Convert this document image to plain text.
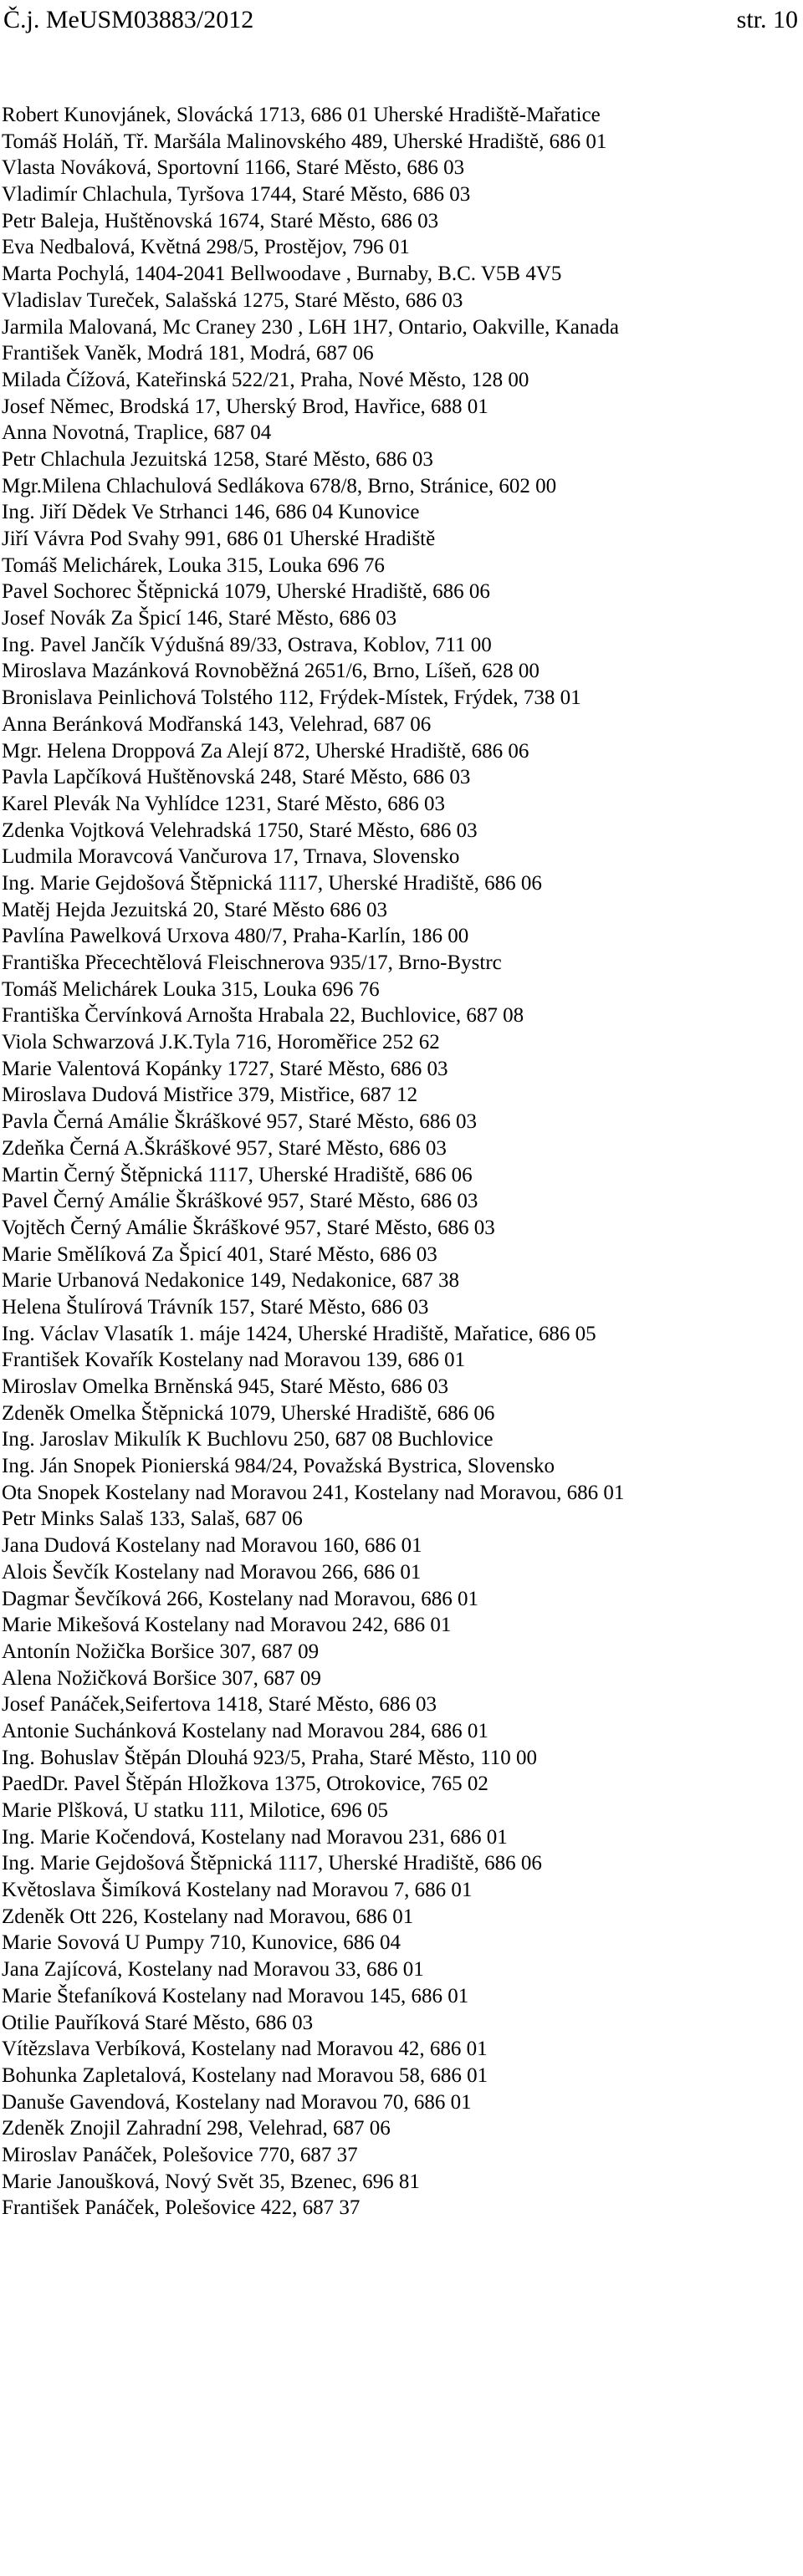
Č.j. MeUSM03883/2012	str. 10
Robert Kunovjánek, Slovácká 1713, 686 01 Uherské Hradiště-Mařatice
Tomáš Holáň, Tř. Maršála Malinovského 489, Uherské Hradiště, 686 01
Vlasta Nováková, Sportovní 1166, Staré Město, 686 03
Vladimír Chlachula, Tyršova 1744, Staré Město, 686 03
Petr Baleja, Huštěnovská 1674, Staré Město, 686 03
Eva Nedbalová, Květná 298/5, Prostějov, 796 01
Marta Pochylá, 1404-2041 Bellwoodave , Burnaby, B.C. V5B 4V5
Vladislav Tureček, Salašská 1275, Staré Město, 686 03
Jarmila Malovaná, Mc Craney 230 , L6H 1H7, Ontario, Oakville, Kanada
František Vaněk, Modrá 181, Modrá, 687 06
Milada Čížová, Kateřinská 522/21, Praha, Nové Město, 128 00
Josef Němec, Brodská 17, Uherský Brod, Havřice, 688 01
Anna Novotná, Traplice, 687 04
Petr Chlachula Jezuitská 1258, Staré Město, 686 03
Mgr.Milena Chlachulová Sedlákova 678/8, Brno, Stránice, 602 00
Ing. Jiří Dědek Ve Strhanci 146, 686 04 Kunovice
Jiří Vávra Pod Svahy 991, 686 01 Uherské Hradiště
Tomáš Melichárek, Louka 315, Louka 696 76
Pavel Sochorec Štěpnická 1079, Uherské Hradiště, 686 06
Josef Novák Za Špicí 146, Staré Město, 686 03
Ing. Pavel Jančík Výdušná 89/33, Ostrava, Koblov, 711 00
Miroslava Mazánková Rovnoběžná 2651/6, Brno, Líšeň, 628 00
Bronislava Peinlichová Tolstého 112, Frýdek-Místek, Frýdek, 738 01
Anna Beránková Modřanská 143, Velehrad, 687 06
Mgr. Helena Droppová Za Alejí 872, Uherské Hradiště, 686 06
Pavla Lapčíková Huštěnovská 248, Staré Město, 686 03
Karel Plevák Na Vyhlídce 1231, Staré Město, 686 03
Zdenka Vojtková Velehradská 1750, Staré Město, 686 03
Ludmila Moravcová Vančurova 17, Trnava, Slovensko
Ing. Marie Gejdošová Štěpnická 1117, Uherské Hradiště, 686 06
Matěj Hejda Jezuitská 20, Staré Město 686 03
Pavlína Pawelková Urxova 480/7, Praha-Karlín, 186 00
Františka Přecechtělová Fleischnerova 935/17, Brno-Bystrc
Tomáš Melichárek Louka 315, Louka 696 76
Františka Červínková Arnošta Hrabala 22, Buchlovice, 687 08
Viola Schwarzová J.K.Tyla 716, Horoměřice 252 62
Marie Valentová Kopánky 1727, Staré Město, 686 03
Miroslava Dudová Mistřice 379, Mistřice, 687 12
Pavla Černá Amálie Škráškové 957, Staré Město, 686 03
Zdeňka Černá A.Škráškové 957, Staré Město, 686 03
Martin Černý Štěpnická 1117, Uherské Hradiště, 686 06
Pavel Černý Amálie Škráškové 957, Staré Město, 686 03
Vojtěch Černý Amálie Škráškové 957, Staré Město, 686 03
Marie Smělíková Za Špicí 401, Staré Město, 686 03
Marie Urbanová Nedakonice 149, Nedakonice, 687 38
Helena Štulírová Trávník 157, Staré Město, 686 03
Ing. Václav Vlasatík 1. máje 1424, Uherské Hradiště, Mařatice, 686 05
František Kovařík Kostelany nad Moravou 139, 686 01
Miroslav Omelka Brněnská 945, Staré Město, 686 03
Zdeněk Omelka Štěpnická 1079, Uherské Hradiště, 686 06
Ing. Jaroslav Mikulík K Buchlovu 250, 687 08 Buchlovice
Ing. Ján Snopek Pionierská 984/24, Považská Bystrica, Slovensko
Ota Snopek Kostelany nad Moravou 241, Kostelany nad Moravou, 686 01
Petr Minks Salaš 133, Salaš, 687 06
Jana Dudová Kostelany nad Moravou 160, 686 01
Alois Ševčík Kostelany nad Moravou 266, 686 01
Dagmar Ševčíková 266, Kostelany nad Moravou, 686 01
Marie Mikešová Kostelany nad Moravou 242, 686 01
Antonín Nožička Boršice 307, 687 09
Alena Nožičková Boršice 307, 687 09
Josef Panáček,Seifertova 1418, Staré Město, 686 03
Antonie Suchánková Kostelany nad Moravou 284, 686 01
Ing. Bohuslav Štěpán Dlouhá 923/5, Praha, Staré Město, 110 00
PaedDr. Pavel Štěpán Hložkova 1375, Otrokovice, 765 02
Marie Plšková, U statku 111, Milotice, 696 05
Ing. Marie Kočendová, Kostelany nad Moravou 231, 686 01
Ing. Marie Gejdošová Štěpnická 1117, Uherské Hradiště, 686 06
Květoslava Šimíková Kostelany nad Moravou 7, 686 01
Zdeněk Ott 226, Kostelany nad Moravou, 686 01
Marie Sovová U Pumpy 710, Kunovice, 686 04
Jana Zajícová, Kostelany nad Moravou 33, 686 01
Marie Štefaníková Kostelany nad Moravou 145, 686 01
Otilie Pauříková Staré Město, 686 03
Vítězslava Verbíková, Kostelany nad Moravou 42, 686 01
Bohunka Zapletalová, Kostelany nad Moravou 58, 686 01
Danuše Gavendová, Kostelany nad Moravou 70, 686 01
Zdeněk Znojil Zahradní 298, Velehrad, 687 06
Miroslav Panáček, Polešovice 770, 687 37
Marie Janoušková, Nový Svět 35, Bzenec, 696 81
František Panáček, Polešovice 422, 687 37
